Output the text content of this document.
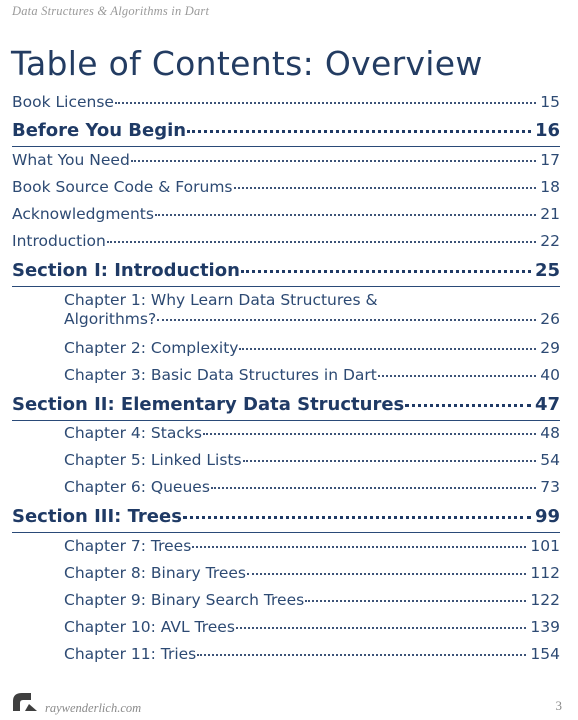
Data Structures & Algorithms in Dart
Table of Contents: Overview
Book License	15
Before You Begin	16
What You Need	17
Book Source Code & Forums	18
Acknowledgments	21
Introduction	22
Section I: Introduction	25
Chapter 1: Why Learn Data Structures &
Algorithms?	26
Chapter 2: Complexity	29
Chapter 3: Basic Data Structures in Dart	40
Section II: Elementary Data Structures	47
Chapter 4: Stacks	48
Chapter 5: Linked Lists	54
Chapter 6: Queues	73
Section III: Trees	99
Chapter 7: Trees	101
Chapter 8: Binary Trees	112
Chapter 9: Binary Search Trees	122
Chapter 10: AVL Trees	139
Chapter 11: Tries	154
raywenderlich.com	3
